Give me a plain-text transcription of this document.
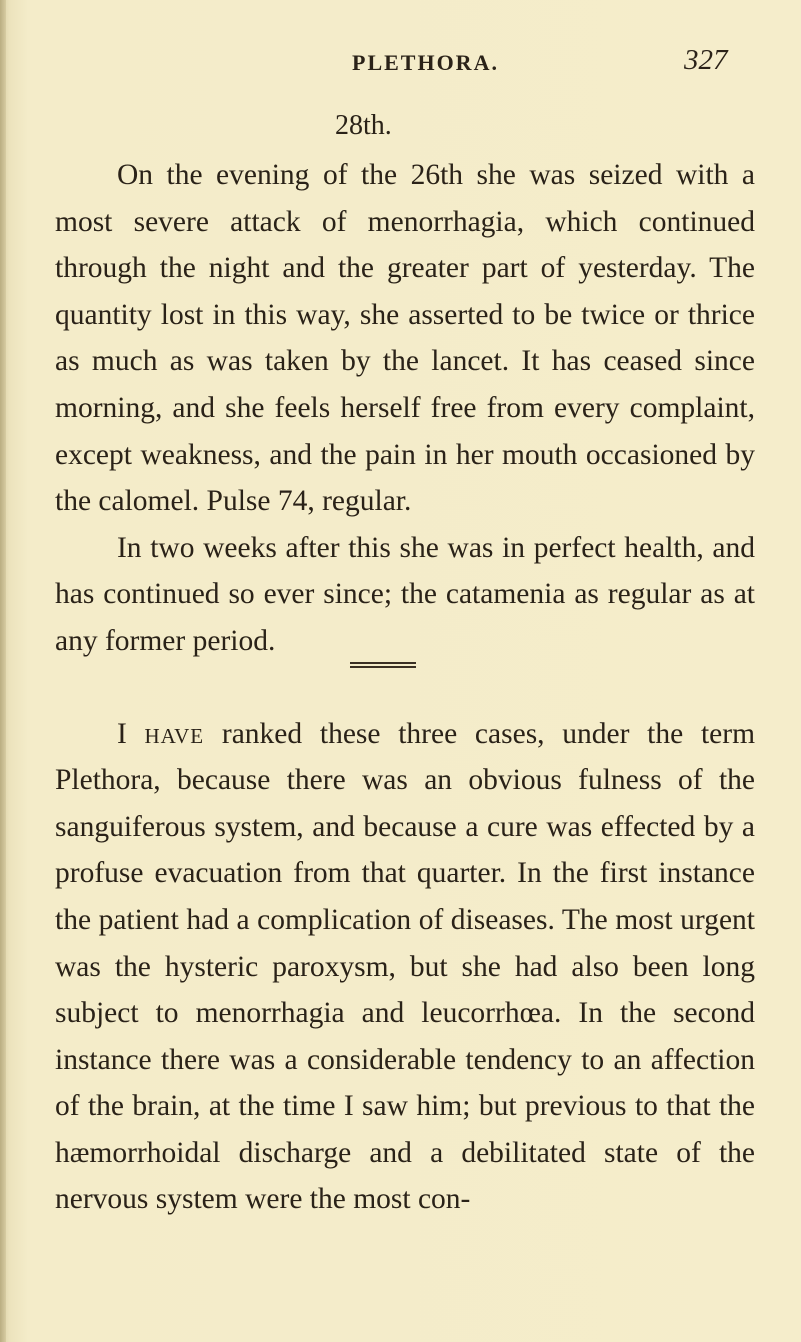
PLETHORA.	327
28th.

On the evening of the 26th she was seized with a most severe attack of menorrhagia, which continued through the night and the greater part of yesterday. The quantity lost in this way, she asserted to be twice or thrice as much as was taken by the lancet. It has ceased since morning, and she feels herself free from every complaint, except weakness, and the pain in her mouth occasioned by the calomel. Pulse 74, regular.

In two weeks after this she was in perfect health, and has continued so ever since; the catamenia as regular as at any former period.

I have ranked these three cases, under the term Plethora, because there was an obvious fulness of the sanguiferous system, and because a cure was effected by a profuse evacuation from that quarter. In the first instance the patient had a complication of diseases. The most urgent was the hysteric paroxysm, but she had also been long subject to menorrhagia and leucorrhœa. In the second instance there was a considerable tendency to an affection of the brain, at the time I saw him; but previous to that the hæmorrhoidal discharge and a debilitated state of the nervous system were the most con-
